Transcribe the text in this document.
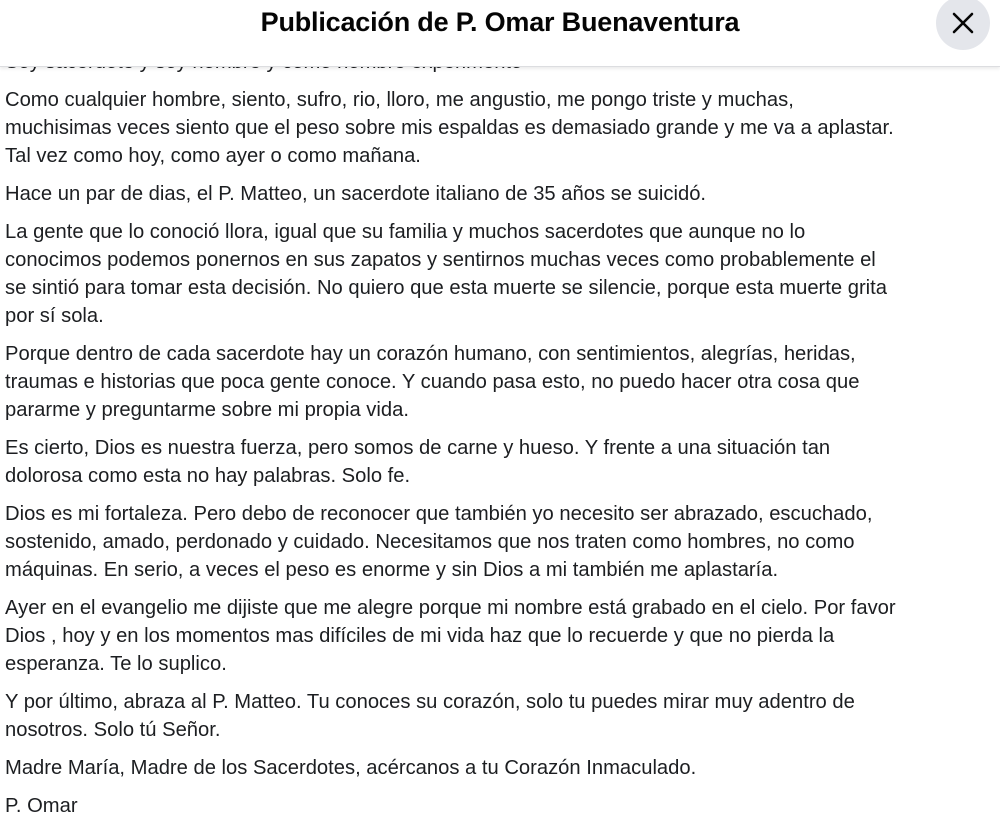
Publicación de P. Omar Buenaventura

Como cualquier hombre, siento, sufro, rio, lloro, me angustio, me pongo triste y muchas,
muchisimas veces siento que el peso sobre mis espaldas es demasiado grande y me va a aplastar.
Tal vez como hoy, como ayer o como mañana.

Hace un par de dias, el P. Matteo, un sacerdote italiano de 35 años se suicidó.

La gente que lo conoció llora, igual que su familia y muchos sacerdotes que aunque no lo
conocimos podemos ponernos en sus zapatos y sentirnos muchas veces como probablemente el
se sintió para tomar esta decisión. No quiero que esta muerte se silencie, porque esta muerte grita
por sí sola.

Porque dentro de cada sacerdote hay un corazón humano, con sentimientos, alegrías, heridas,
traumas e historias que poca gente conoce. Y cuando pasa esto, no puedo hacer otra cosa que
pararme y preguntarme sobre mi propia vida.

Es cierto, Dios es nuestra fuerza, pero somos de carne y hueso. Y frente a una situación tan
dolorosa como esta no hay palabras. Solo fe.

Dios es mi fortaleza. Pero debo de reconocer que también yo necesito ser abrazado, escuchado,
sostenido, amado, perdonado y cuidado. Necesitamos que nos traten como hombres, no como
máquinas. En serio, a veces el peso es enorme y sin Dios a mi también me aplastaría.

Ayer en el evangelio me dijiste que me alegre porque mi nombre está grabado en el cielo. Por favor
Dios , hoy y en los momentos mas difíciles de mi vida haz que lo recuerde y que no pierda la
esperanza. Te lo suplico.

Y por último, abraza al P. Matteo. Tu conoces su corazón, solo tu puedes mirar muy adentro de
nosotros. Solo tú Señor.

Madre María, Madre de los Sacerdotes, acércanos a tu Corazón Inmaculado.

P. Omar
